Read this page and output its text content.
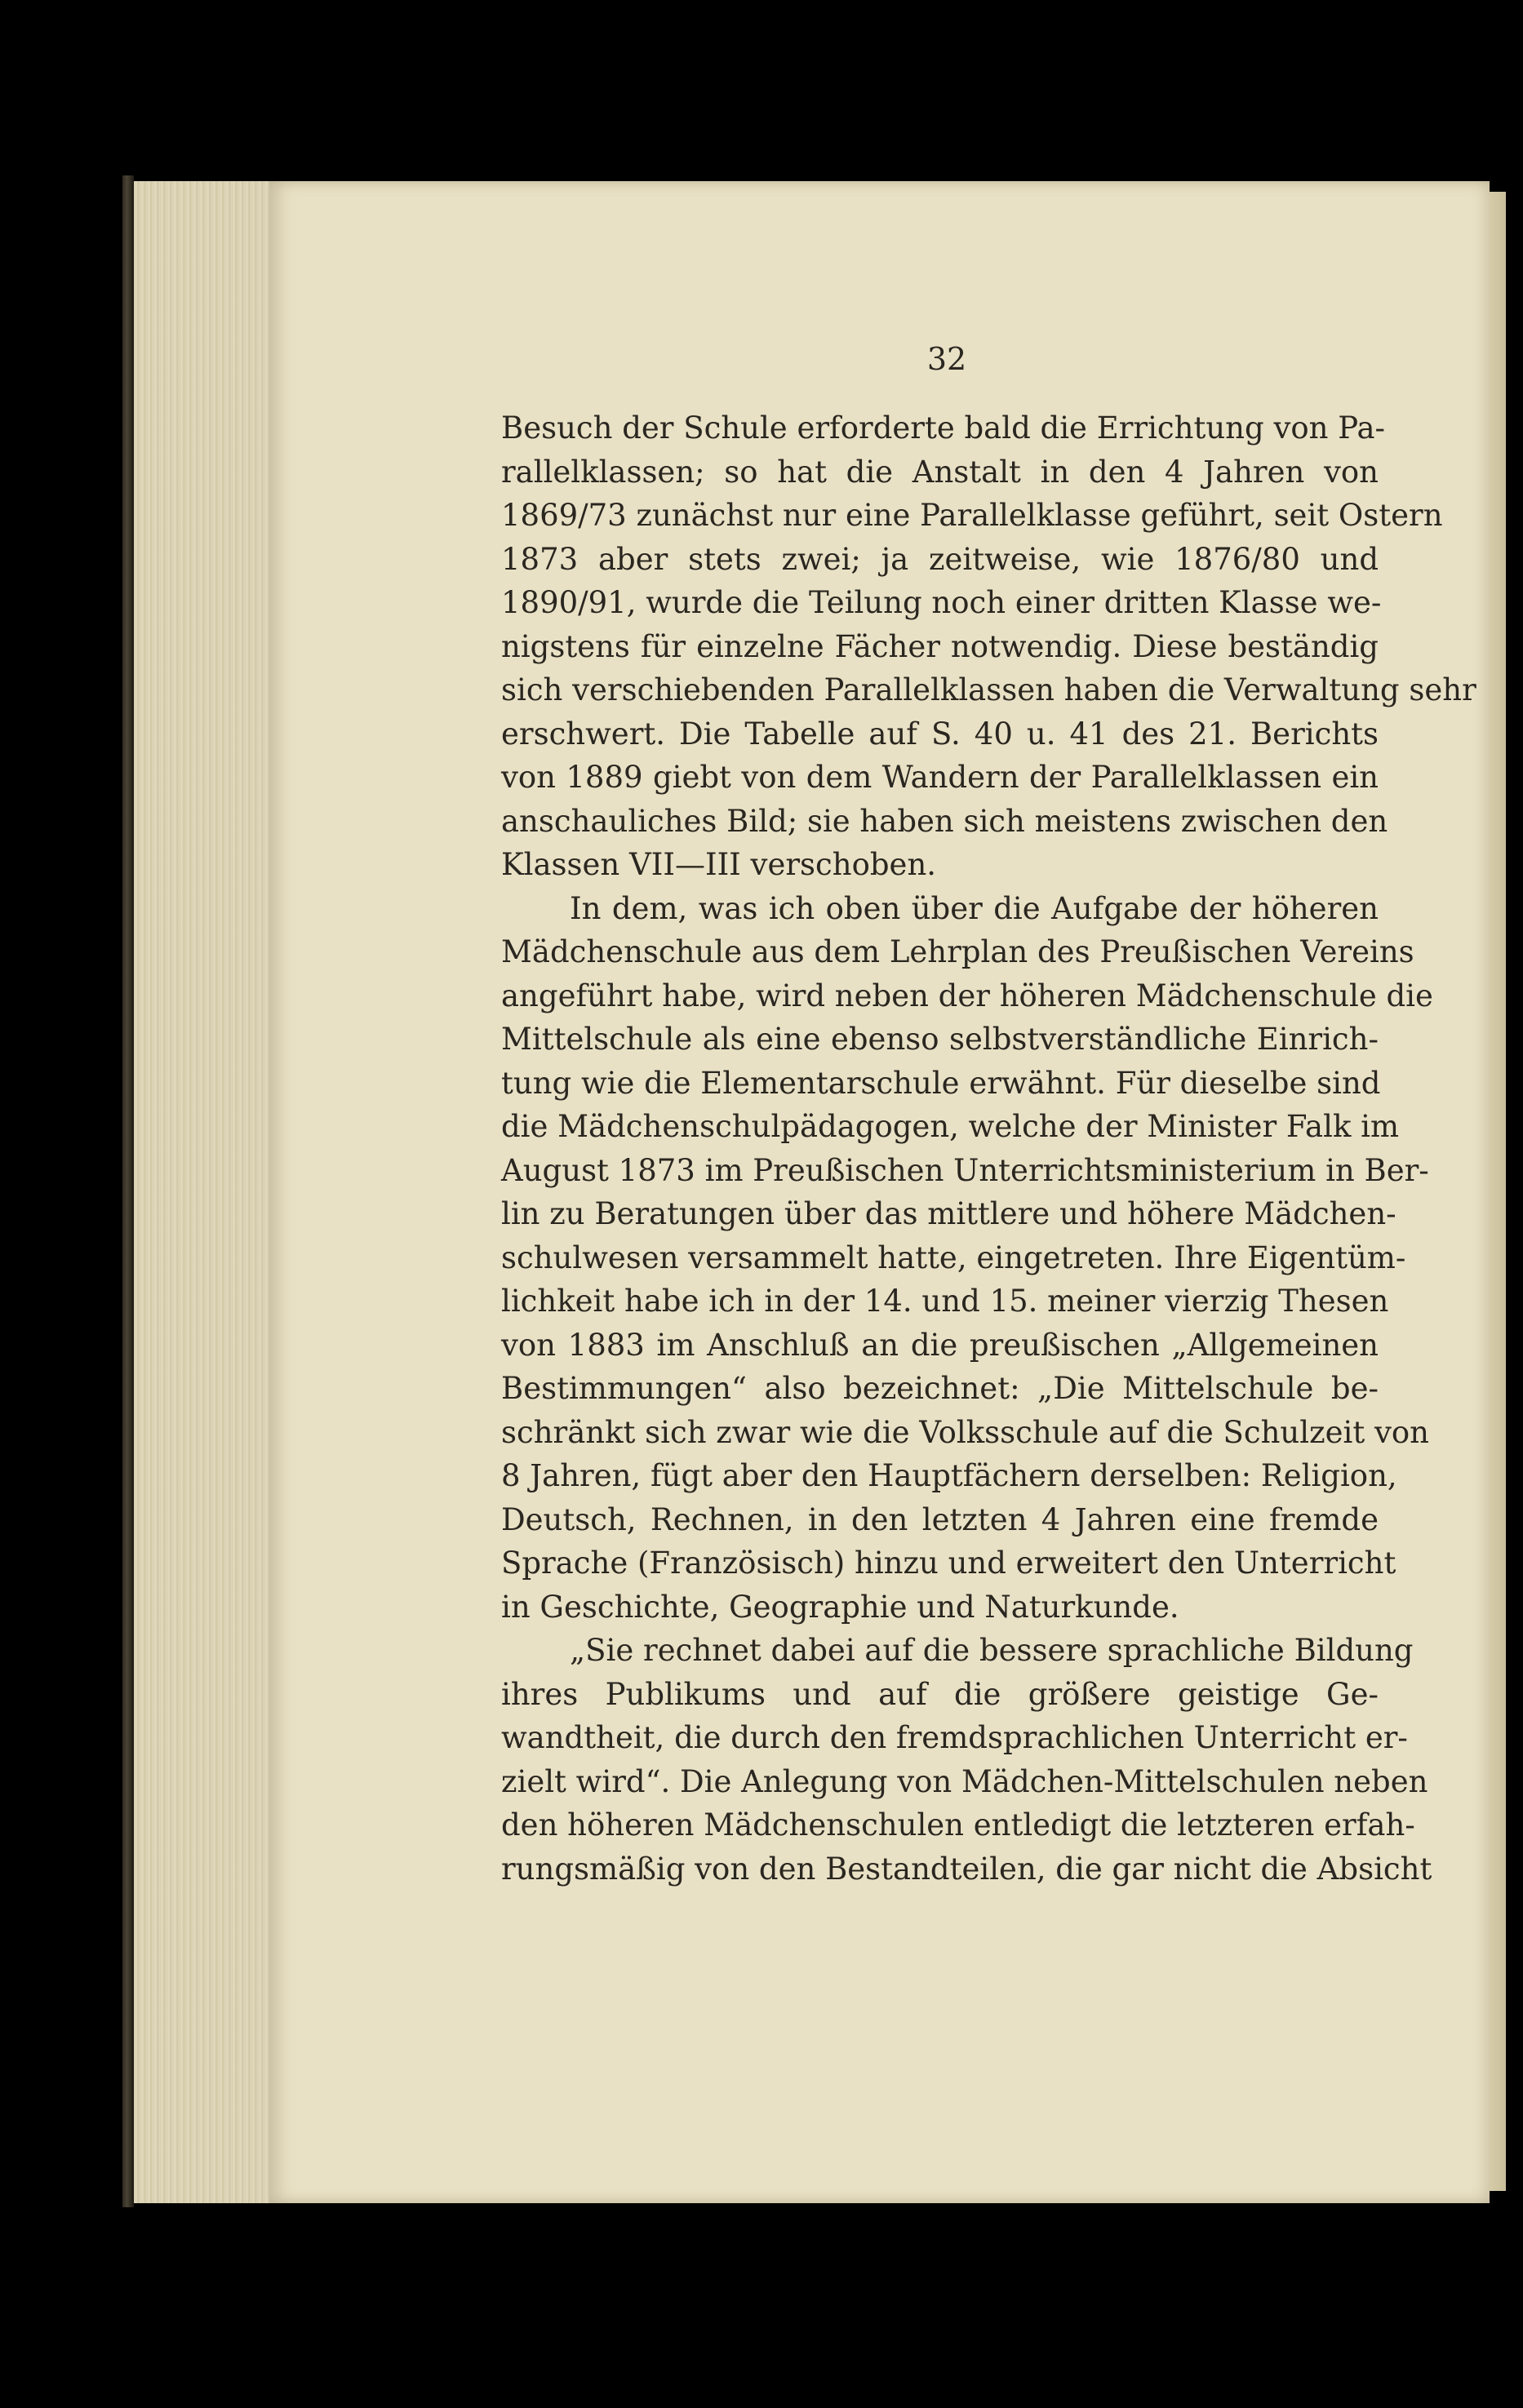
32

Besuch der Schule erforderte bald die Errichtung von Pa-
rallelklassen; so hat die Anstalt in den 4 Jahren von
1869/73 zunächst nur eine Parallelklasse geführt, seit Ostern
1873 aber stets zwei; ja zeitweise, wie 1876/80 und
1890/91, wurde die Teilung noch einer dritten Klasse we-
nigstens für einzelne Fächer notwendig. Diese beständig
sich verschiebenden Parallelklassen haben die Verwaltung sehr
erschwert. Die Tabelle auf S. 40 u. 41 des 21. Berichts
von 1889 giebt von dem Wandern der Parallelklassen ein
anschauliches Bild; sie haben sich meistens zwischen den
Klassen VII—III verschoben.
In dem, was ich oben über die Aufgabe der höheren
Mädchenschule aus dem Lehrplan des Preußischen Vereins
angeführt habe, wird neben der höheren Mädchenschule die
Mittelschule als eine ebenso selbstverständliche Einrich-
tung wie die Elementarschule erwähnt. Für dieselbe sind
die Mädchenschulpädagogen, welche der Minister Falk im
August 1873 im Preußischen Unterrichtsministerium in Ber-
lin zu Beratungen über das mittlere und höhere Mädchen-
schulwesen versammelt hatte, eingetreten. Ihre Eigentüm-
lichkeit habe ich in der 14. und 15. meiner vierzig Thesen
von 1883 im Anschluß an die preußischen „Allgemeinen
Bestimmungen“ also bezeichnet: „Die Mittelschule be-
schränkt sich zwar wie die Volksschule auf die Schulzeit von
8 Jahren, fügt aber den Hauptfächern derselben: Religion,
Deutsch, Rechnen, in den letzten 4 Jahren eine fremde
Sprache (Französisch) hinzu und erweitert den Unterricht
in Geschichte, Geographie und Naturkunde.
„Sie rechnet dabei auf die bessere sprachliche Bildung
ihres Publikums und auf die größere geistige Ge-
wandtheit, die durch den fremdsprachlichen Unterricht er-
zielt wird“. Die Anlegung von Mädchen-Mittelschulen neben
den höheren Mädchenschulen entledigt die letzteren erfah-
rungsmäßig von den Bestandteilen, die gar nicht die Absicht
